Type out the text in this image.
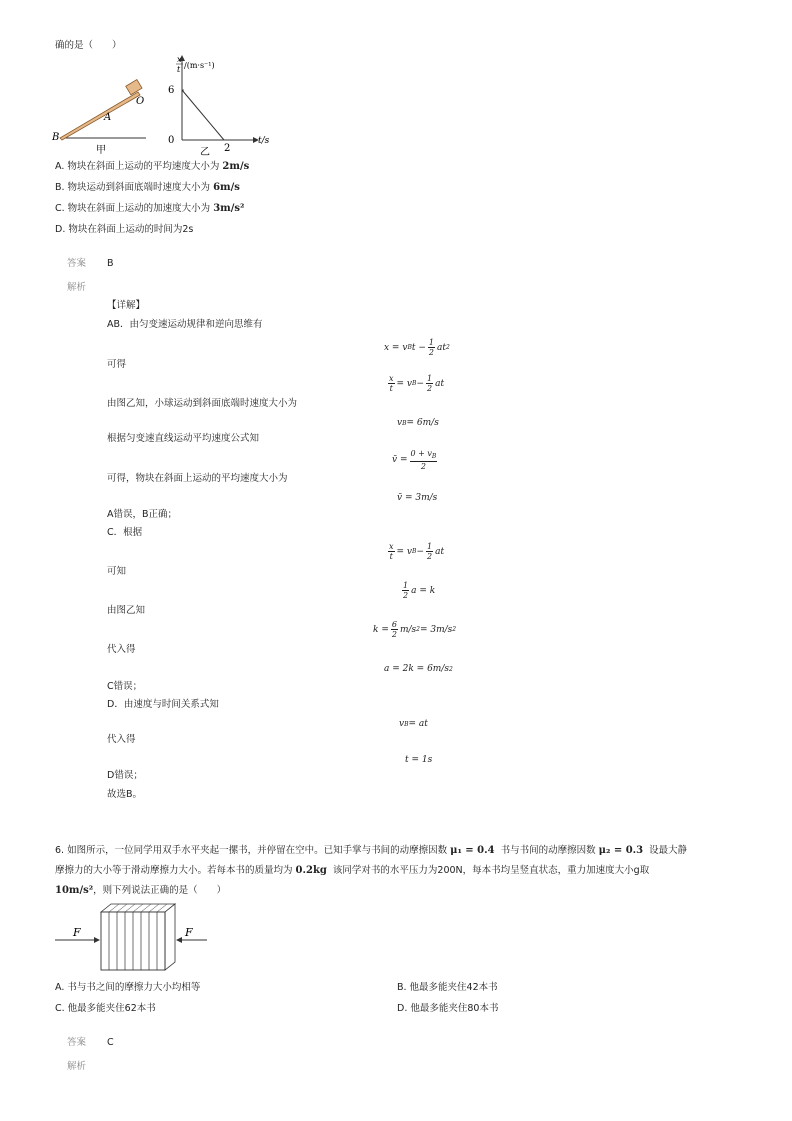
确的是（　　）
O
A
B
甲
x
t /(m·s⁻¹)
6
0
2
t/s
乙
A. 物块在斜面上运动的平均速度大小为 2m/s
B. 物块运动到斜面底端时速度大小为 6m/s
C. 物块在斜面上运动的加速度大小为 3m/s²
D. 物块在斜面上运动的时间为2s
答案 B
解析
【详解】
AB．由匀变速运动规律和逆向思维有
x = v B $t - \frac{1}{2}$ at 2
可得
$\frac{x}{t} = v$ $B - \frac{1}{2}$ at
由图乙知，小球运动到斜面底端时速度大小为
v B = 6m/s
根据匀变速直线运动平均速度公式知
v̄ = $\frac{0 + v_B}{2}$
可得，物块在斜面上运动的平均速度大小为
v̄ = 3m/s
A错误，B正确；
C．根据
$\frac{x}{t} = v$ $B - \frac{1}{2}$ at
可知
$\frac{1}{2}$ a = k
由图乙知
$k = \frac{6}{2} m/s$ 2 = 3m/s 2
代入得
a = 2k = 6m/s 2
C错误；
D．由速度与时间关系式知
v B = at
代入得
t = 1s
D错误；
故选B。
6. 如图所示，一位同学用双手水平夹起一摞书，并停留在空中。已知手掌与书间的动摩擦因数 μ₁ = 0.4 书与书间的动摩擦因数 μ₂ = 0.3 设最大静
摩擦力的大小等于滑动摩擦力大小。若每本书的质量均为 0.2kg 该同学对书的水平压力为200N，每本书均呈竖直状态，重力加速度大小g取
10m/s²，则下列说法正确的是（　　）
F	F
A. 书与书之间的摩擦力大小均相等	B. 他最多能夹住42本书
C. 他最多能夹住62本书	D. 他最多能夹住80本书
答案 C
解析
